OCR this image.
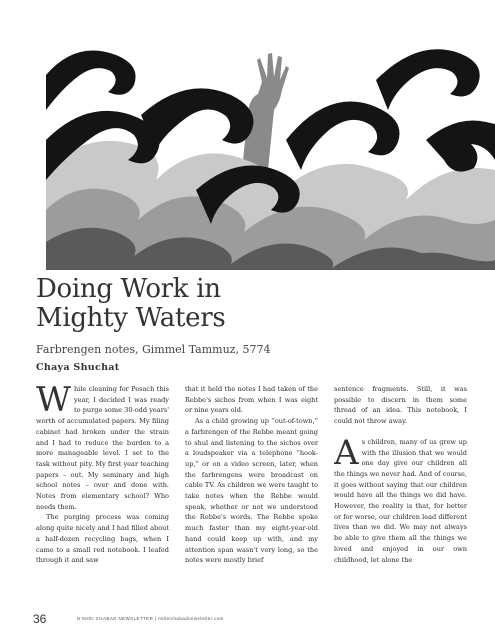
Doing Work in
Mighty Waters

Farbrengen notes, Gimmel Tammuz, 5774

Chaya Shuchat
W hile cleaning for Pesach this year, I decided I was ready to purge some 30-odd years' worth of accumulated papers. My filing cabinet had broken under the strain and I had to reduce the burden to a more manageable level. I set to the task without pity. My first year teaching papers – out. My seminary and high school notes – over and done with. Notes from elementary school? Who needs them.

The purging process was coming along quite nicely and I had filled about a half-dozen recycling bags, when I came to a small red notebook. I leafed through it and saw

that it held the notes I had taken of the Rebbe's sichos from when I was eight or nine years old.

As a child growing up “out-of-town,” a farbrengen of the Rebbe meant going to shul and listening to the sichos over a loudspeaker via a telephone “hook-up,” or on a video screen, later, when the farbrengens were broadcast on cable TV. As children we were taught to take notes when the Rebbe would speak, whether or not we understood the Rebbe's words. The Rebbe spoke much faster than my eight-year-old hand could keep up with, and my attention span wasn't very long, so the notes were mostly brief

sentence fragments. Still, it was possible to discern in them some thread of an idea. This notebook, I could not throw away.

As children, many of us grew up with the illusion that we would one day give our children all the things we never had. And of course, it goes without saying that our children would have all the things we did have. However, the reality is that, for better or for worse, our children lead different lives than we did. We may not always be able to give them all the things we loved and enjoyed in our own childhood, let alone the

36	N'SHEI CHABAD NEWSLETTER | nsheichabadnewsletter.com
